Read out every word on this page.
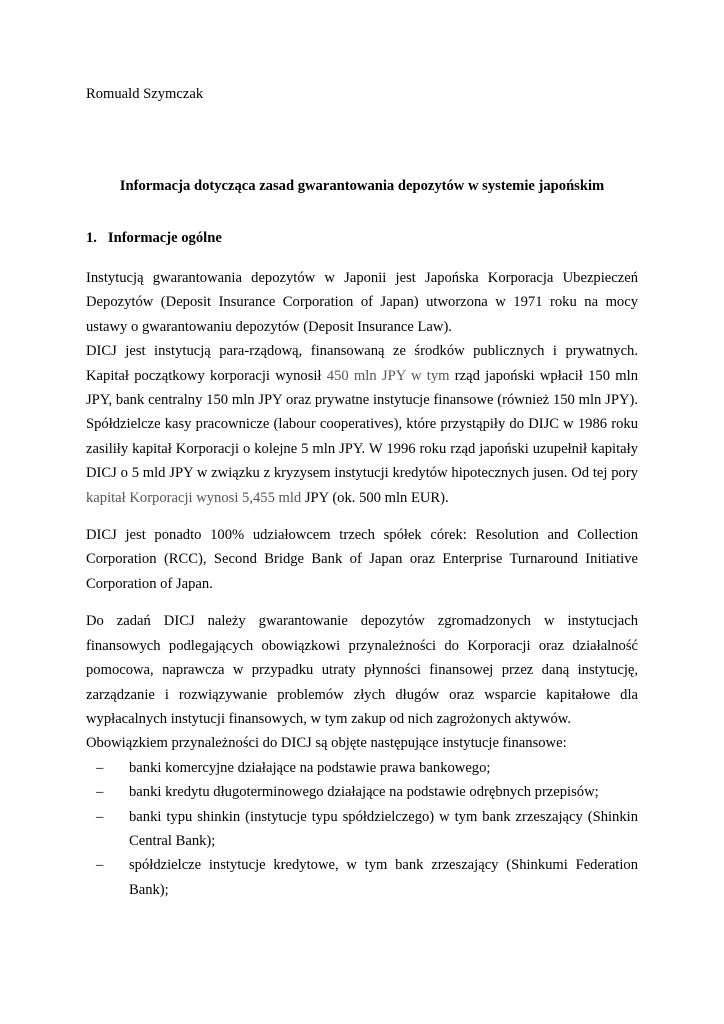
Romuald Szymczak

Informacja dotycząca zasad gwarantowania depozytów w systemie japońskim
1. Informacje ogólne

Instytucją gwarantowania depozytów w Japonii jest Japońska Korporacja Ubezpieczeń Depozytów (Deposit Insurance Corporation of Japan) utworzona w 1971 roku na mocy ustawy o gwarantowaniu depozytów (Deposit Insurance Law).

DICJ jest instytucją para-rządową, finansowaną ze środków publicznych i prywatnych. Kapitał początkowy korporacji wynosił 450 mln JPY w tym rząd japoński wpłacił 150 mln JPY, bank centralny 150 mln JPY oraz prywatne instytucje finansowe (również 150 mln JPY). Spółdzielcze kasy pracownicze (labour cooperatives), które przystąpiły do DIJC w 1986 roku zasiliły kapitał Korporacji o kolejne 5 mln JPY. W 1996 roku rząd japoński uzupełnił kapitały DICJ o 5 mld JPY w związku z kryzysem instytucji kredytów hipotecznych jusen. Od tej pory kapitał Korporacji wynosi 5,455 mld JPY (ok. 500 mln EUR).

DICJ jest ponadto 100% udziałowcem trzech spółek córek: Resolution and Collection Corporation (RCC), Second Bridge Bank of Japan oraz Enterprise Turnaround Initiative Corporation of Japan.

Do zadań DICJ należy gwarantowanie depozytów zgromadzonych w instytucjach finansowych podlegających obowiązkowi przynależności do Korporacji oraz działalność pomocowa, naprawcza w przypadku utraty płynności finansowej przez daną instytucję, zarządzanie i rozwiązywanie problemów złych długów oraz wsparcie kapitałowe dla wypłacalnych instytucji finansowych, w tym zakup od nich zagrożonych aktywów.

Obowiązkiem przynależności do DICJ są objęte następujące instytucje finansowe:

– banki komercyjne działające na podstawie prawa bankowego;
– banki kredytu długoterminowego działające na podstawie odrębnych przepisów;
– banki typu shinkin (instytucje typu spółdzielczego) w tym bank zrzeszający (Shinkin Central Bank);
– spółdzielcze instytucje kredytowe, w tym bank zrzeszający (Shinkumi Federation Bank);
